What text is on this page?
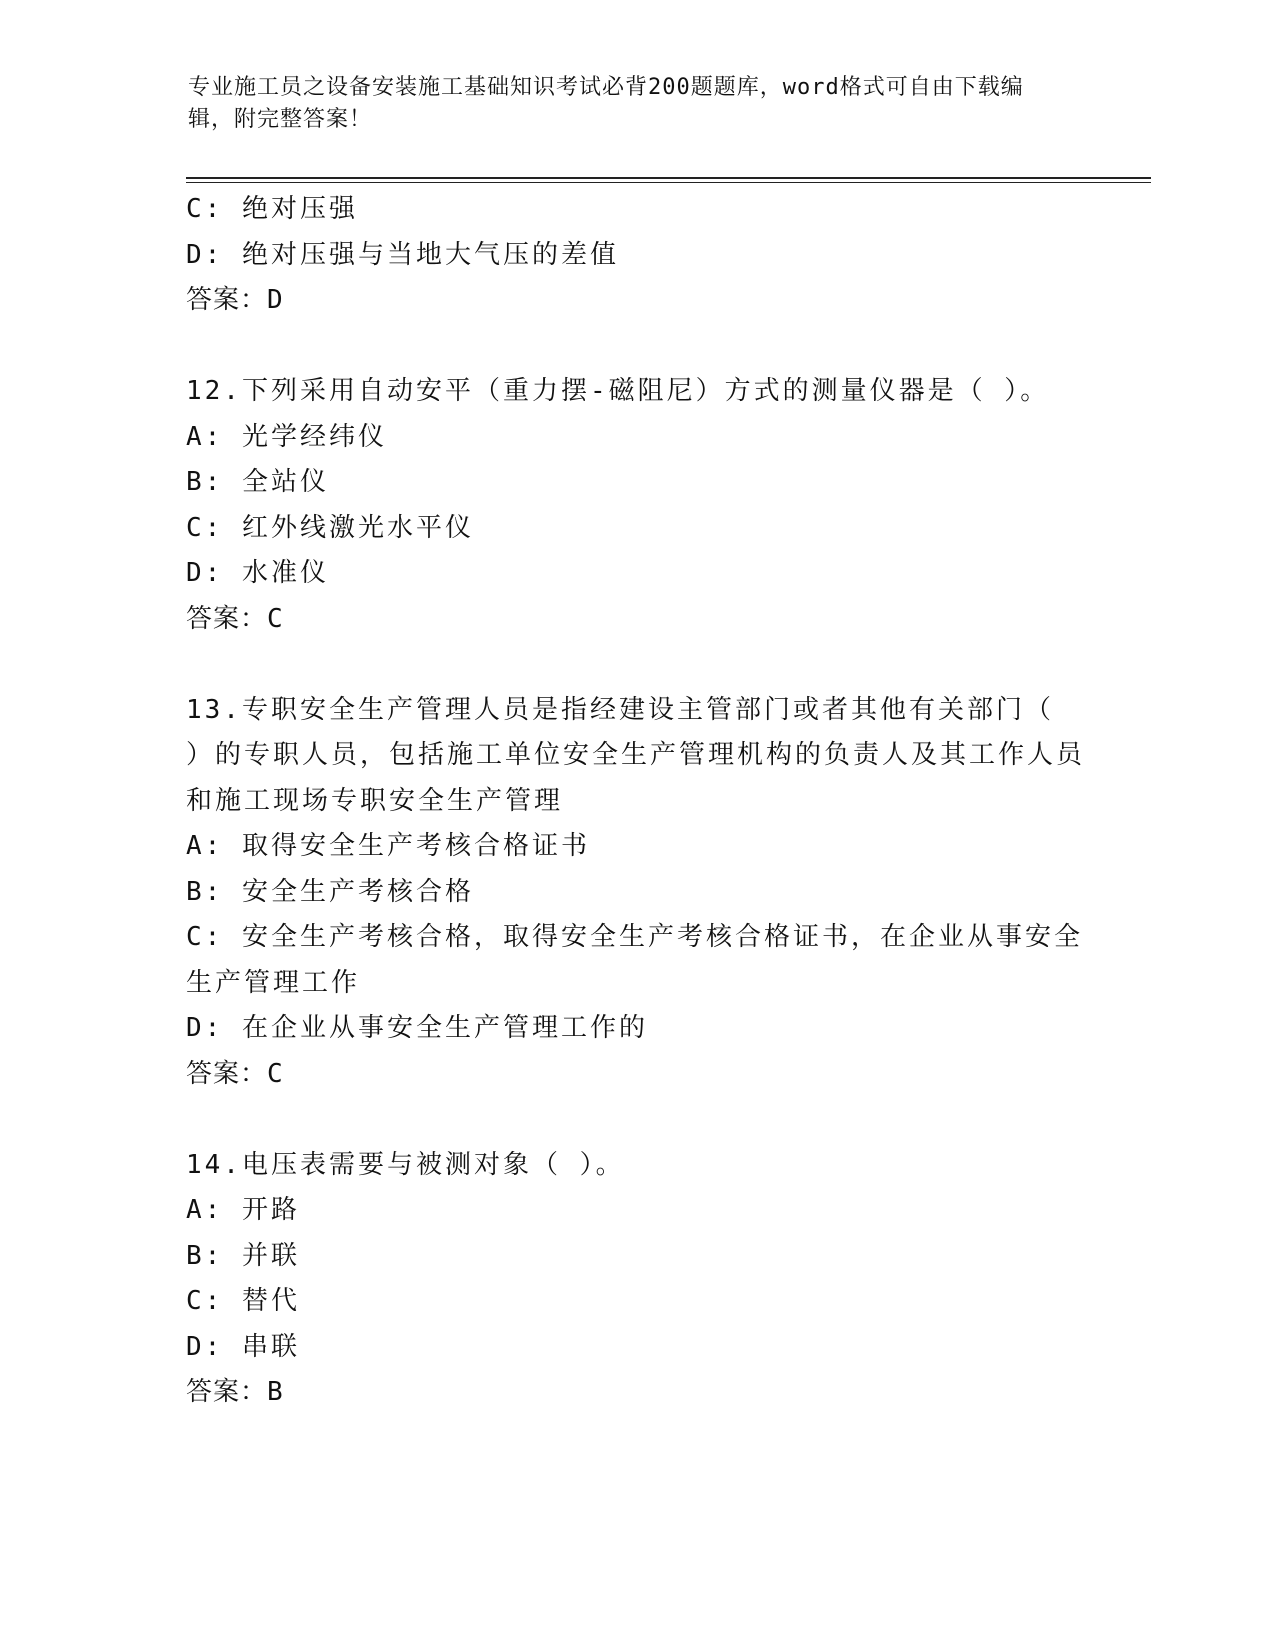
专业施工员之设备安装施工基础知识考试必背200题题库，word格式可自由下载编辑，附完整答案！
C: 绝对压强
D: 绝对压强与当地大气压的差值
答案：D
12.下列采用自动安平（重力摆-磁阻尼）方式的测量仪器是（ ）。
A: 光学经纬仪
B: 全站仪
C: 红外线激光水平仪
D: 水准仪
答案：C
13.专职安全生产管理人员是指经建设主管部门或者其他有关部门（ ）的专职人员，包括施工单位安全生产管理机构的负责人及其工作人员和施工现场专职安全生产管理
A: 取得安全生产考核合格证书
B: 安全生产考核合格
C: 安全生产考核合格，取得安全生产考核合格证书，在企业从事安全生产管理工作
D: 在企业从事安全生产管理工作的
答案：C
14.电压表需要与被测对象（ ）。
A: 开路
B: 并联
C: 替代
D: 串联
答案：B
